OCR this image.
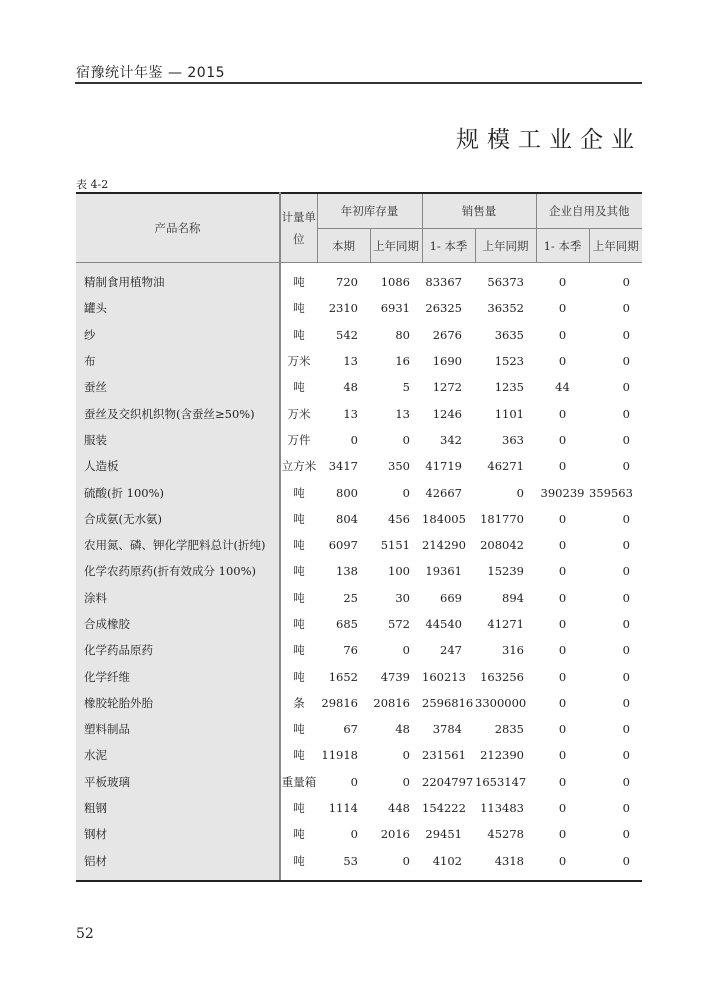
宿豫统计年鉴 — 2015
规模工业企业
表 4-2
产品名称	计量单位	年初库存量		销售量		企业自用及其他	
		本期	上年同期	1- 本季	上年同期	1- 本季	上年同期
精制食用植物油	吨	720	1086	83367	56373	0	0
罐头	吨	2310	6931	26325	36352	0	0
纱	吨	542	80	2676	3635	0	0
布	万米	13	16	1690	1523	0	0
蚕丝	吨	48	5	1272	1235	44	0
蚕丝及交织机织物(含蚕丝≥50%)	万米	13	13	1246	1101	0	0
服装	万件	0	0	342	363	0	0
人造板	立方米	3417	350	41719	46271	0	0
硫酸(折 100%)	吨	800	0	42667	0	390239	359563
合成氨(无水氨)	吨	804	456	184005	181770	0	0
农用氮、磷、钾化学肥料总计(折纯)	吨	6097	5151	214290	208042	0	0
化学农药原药(折有效成分 100%)	吨	138	100	19361	15239	0	0
涂料	吨	25	30	669	894	0	0
合成橡胶	吨	685	572	44540	41271	0	0
化学药品原药	吨	76	0	247	316	0	0
化学纤维	吨	1652	4739	160213	163256	0	0
橡胶轮胎外胎	条	29816	20816	2596816	3300000	0	0
塑料制品	吨	67	48	3784	2835	0	0
水泥	吨	11918	0	231561	212390	0	0
平板玻璃	重量箱	0	0	2204797	1653147	0	0
粗钢	吨	1114	448	154222	113483	0	0
钢材	吨	0	2016	29451	45278	0	0
铝材	吨	53	0	4102	4318	0	0
52
